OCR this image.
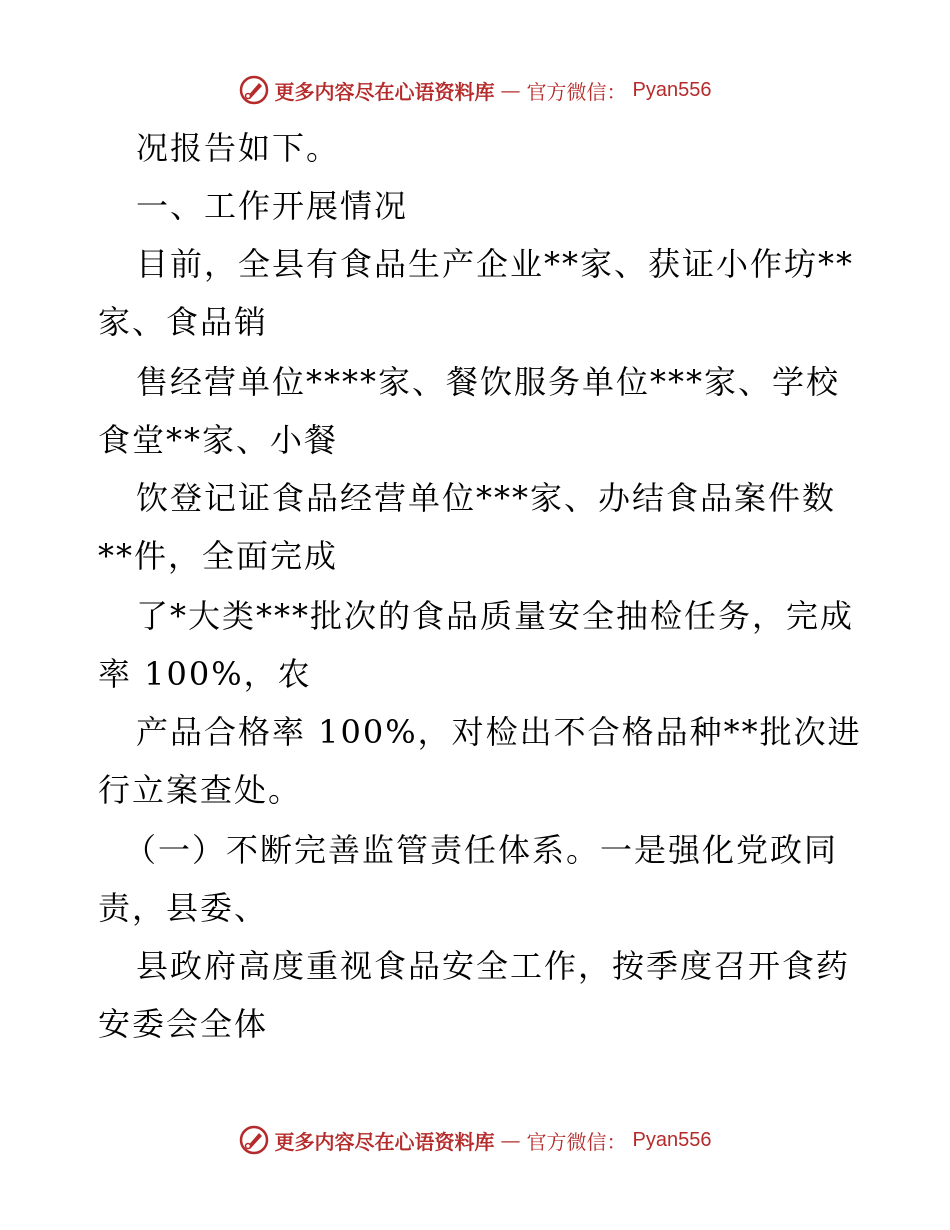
更多内容尽在心语资料库 — 官方微信： Pyan556
况报告如下。
一、工作开展情况
目前，全县有食品生产企业**家、获证小作坊**
家、食品销
售经营单位****家、餐饮服务单位***家、学校
食堂**家、小餐
饮登记证食品经营单位***家、办结食品案件数
**件，全面完成
了*大类***批次的食品质量安全抽检任务，完成
率 100%，农
产品合格率 100%，对检出不合格品种**批次进
行立案查处。
（一）不断完善监管责任体系。一是强化党政同
责，县委、
县政府高度重视食品安全工作，按季度召开食药
安委会全体
更多内容尽在心语资料库 — 官方微信： Pyan556
